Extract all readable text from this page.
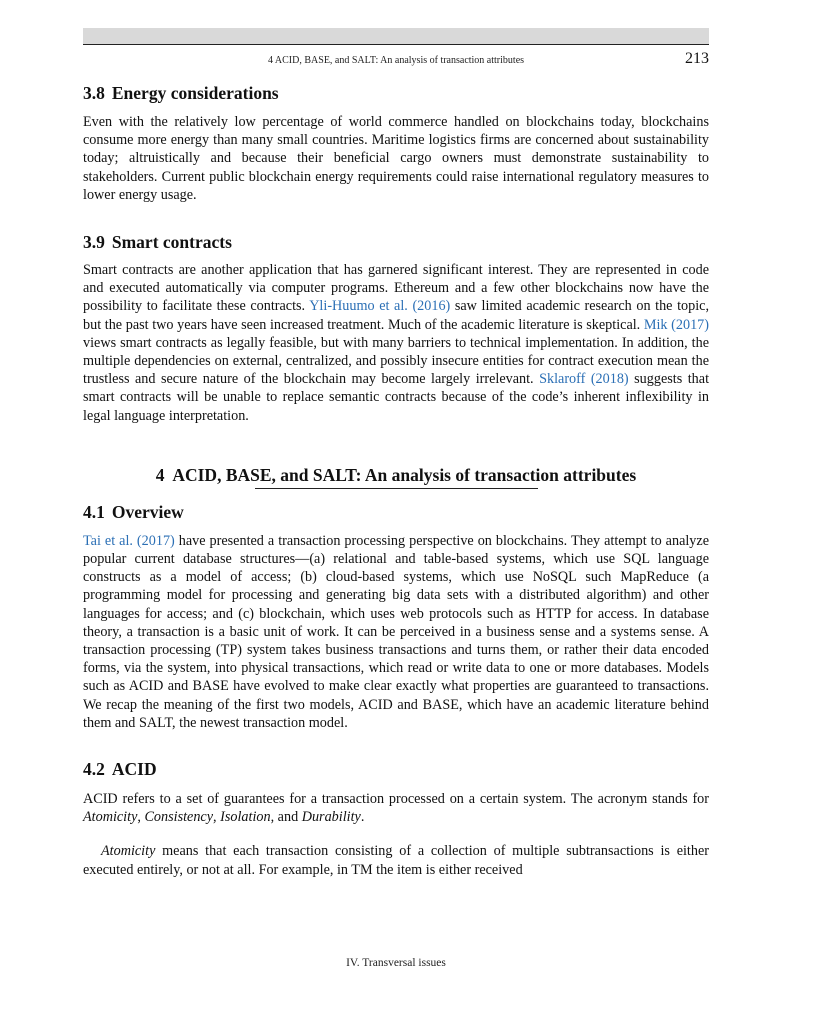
4 ACID, BASE, and SALT: An analysis of transaction attributes	213
3.8 Energy considerations

Even with the relatively low percentage of world commerce handled on blockchains today, blockchains consume more energy than many small countries. Maritime logistics firms are concerned about sustainability today; altruistically and because their beneficial cargo owners must demonstrate sustainability to stakeholders. Current public blockchain energy requirements could raise international regulatory measures to lower energy usage.

3.9 Smart contracts

Smart contracts are another application that has garnered significant interest. They are represented in code and executed automatically via computer programs. Ethereum and a few other blockchains now have the possibility to facilitate these contracts. Yli-Huumo et al. (2016) saw limited academic research on the topic, but the past two years have seen increased treatment. Much of the academic literature is skeptical. Mik (2017) views smart contracts as legally feasible, but with many barriers to technical implementation. In addition, the multiple dependencies on external, centralized, and possibly insecure entities for contract execution mean the trustless and secure nature of the blockchain may become largely irrelevant. Sklaroff (2018) suggests that smart contracts will be unable to replace semantic contracts because of the code’s inherent inflexibility in legal language interpretation.

4 ACID, BASE, and SALT: An analysis of transaction attributes
4.1 Overview

Tai et al. (2017) have presented a transaction processing perspective on blockchains. They attempt to analyze popular current database structures—(a) relational and table-based systems, which use SQL language constructs as a model of access; (b) cloud-based systems, which use NoSQL such MapReduce (a programming model for processing and generating big data sets with a distributed algorithm) and other languages for access; and (c) blockchain, which uses web protocols such as HTTP for access. In database theory, a transaction is a basic unit of work. It can be perceived in a business sense and a systems sense. A transaction processing (TP) system takes business transactions and turns them, or rather their data encoded forms, via the system, into physical transactions, which read or write data to one or more databases. Models such as ACID and BASE have evolved to make clear exactly what properties are guaranteed to transactions. We recap the meaning of the first two models, ACID and BASE, which have an academic literature behind them and SALT, the newest transaction model.

4.2 ACID

ACID refers to a set of guarantees for a transaction processed on a certain system. The acronym stands for Atomicity, Consistency, Isolation, and Durability.

Atomicity means that each transaction consisting of a collection of multiple subtransactions is either executed entirely, or not at all. For example, in TM the item is either received

IV. Transversal issues
